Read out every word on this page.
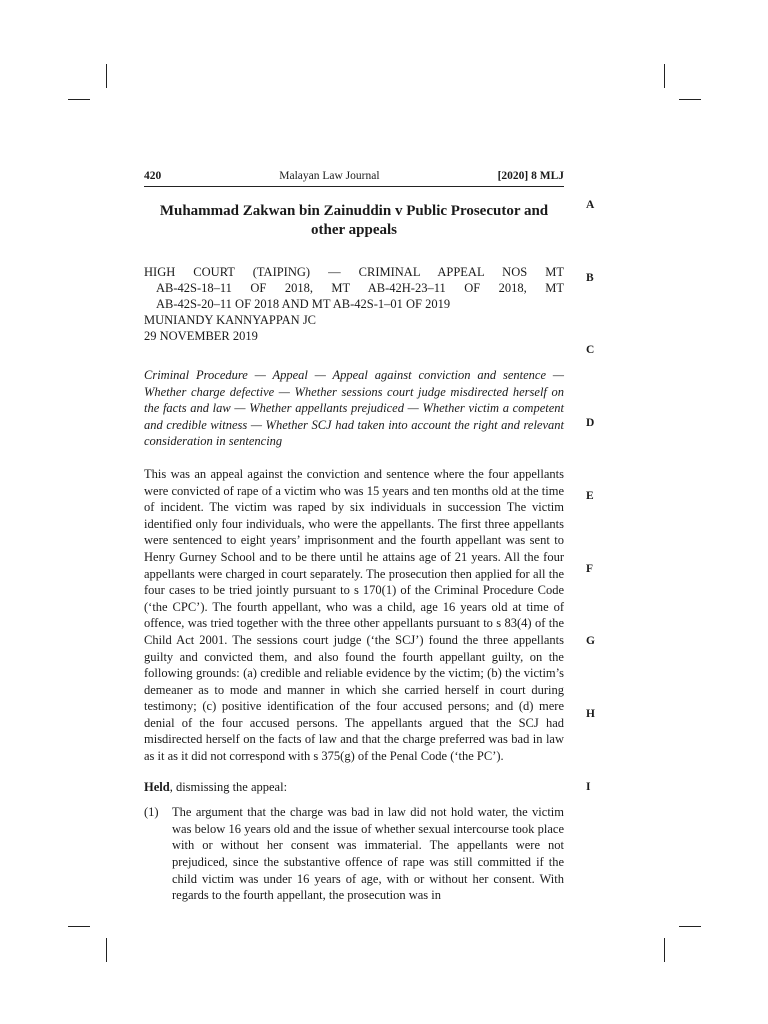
420	Malayan Law Journal	[2020] 8 MLJ
Muhammad Zakwan bin Zainuddin v Public Prosecutor and other appeals
HIGH COURT (TAIPING) — CRIMINAL APPEAL NOS MT
AB-42S-18–11 OF 2018, MT AB-42H-23–11 OF 2018, MT
AB-42S-20–11 OF 2018 AND MT AB-42S-1–01 OF 2019
MUNIANDY KANNYAPPAN JC
29 NOVEMBER 2019
Criminal Procedure — Appeal — Appeal against conviction and sentence — Whether charge defective — Whether sessions court judge misdirected herself on the facts and law — Whether appellants prejudiced — Whether victim a competent and credible witness — Whether SCJ had taken into account the right and relevant consideration in sentencing
This was an appeal against the conviction and sentence where the four appellants were convicted of rape of a victim who was 15 years and ten months old at the time of incident. The victim was raped by six individuals in succession The victim identified only four individuals, who were the appellants. The first three appellants were sentenced to eight years’ imprisonment and the fourth appellant was sent to Henry Gurney School and to be there until he attains age of 21 years. All the four appellants were charged in court separately. The prosecution then applied for all the four cases to be tried jointly pursuant to s 170(1) of the Criminal Procedure Code (‘the CPC’). The fourth appellant, who was a child, age 16 years old at time of offence, was tried together with the three other appellants pursuant to s 83(4) of the Child Act 2001. The sessions court judge (‘the SCJ’) found the three appellants guilty and convicted them, and also found the fourth appellant guilty, on the following grounds: (a) credible and reliable evidence by the victim; (b) the victim’s demeaner as to mode and manner in which she carried herself in court during testimony; (c) positive identification of the four accused persons; and (d) mere denial of the four accused persons. The appellants argued that the SCJ had misdirected herself on the facts of law and that the charge preferred was bad in law as it as it did not correspond with s 375(g) of the Penal Code (‘the PC’).
Held, dismissing the appeal:
(1)	The argument that the charge was bad in law did not hold water, the victim was below 16 years old and the issue of whether sexual intercourse took place with or without her consent was immaterial. The appellants were not prejudiced, since the substantive offence of rape was still committed if the child victim was under 16 years of age, with or without her consent. With regards to the fourth appellant, the prosecution was in
A
B
C
D
E
F
G
H
I
